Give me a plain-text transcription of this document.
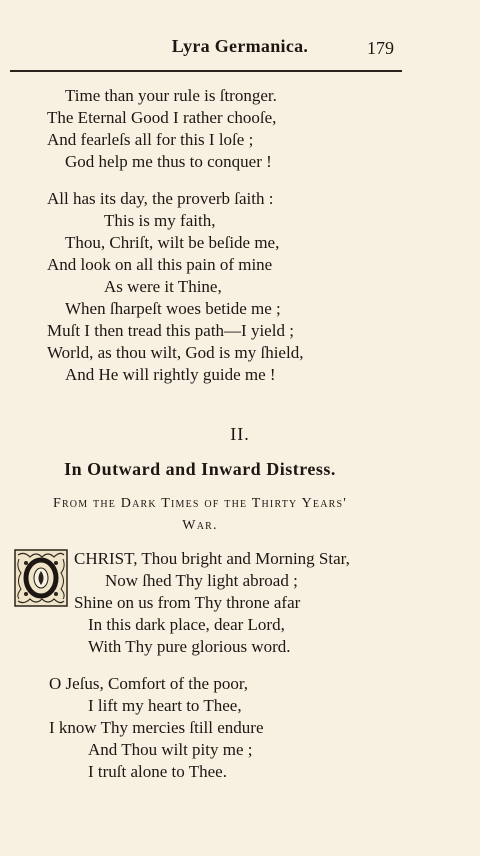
Lyra Germanica.	179
Time than your rule is ſtronger.
The Eternal Good I rather chooſe,
And fearleſs all for this I loſe ;
God help me thus to conquer !
All has its day, the proverb ſaith :
This is my faith,
Thou, Chriſt, wilt be beſide me,
And look on all this pain of mine
As were it Thine,
When ſharpeſt woes betide me ;
Muſt I then tread this path—I yield ;
World, as thou wilt, God is my ſhield,
And He will rightly guide me !
II.
In Outward and Inward Distress.
From the Dark Times of the Thirty Years'
War.
CHRIST, Thou bright and Morning Star,
Now ſhed Thy light abroad ;
Shine on us from Thy throne afar
In this dark place, dear Lord,
With Thy pure glorious word.
O Jeſus, Comfort of the poor,
I lift my heart to Thee,
I know Thy mercies ſtill endure
And Thou wilt pity me ;
I truſt alone to Thee.
